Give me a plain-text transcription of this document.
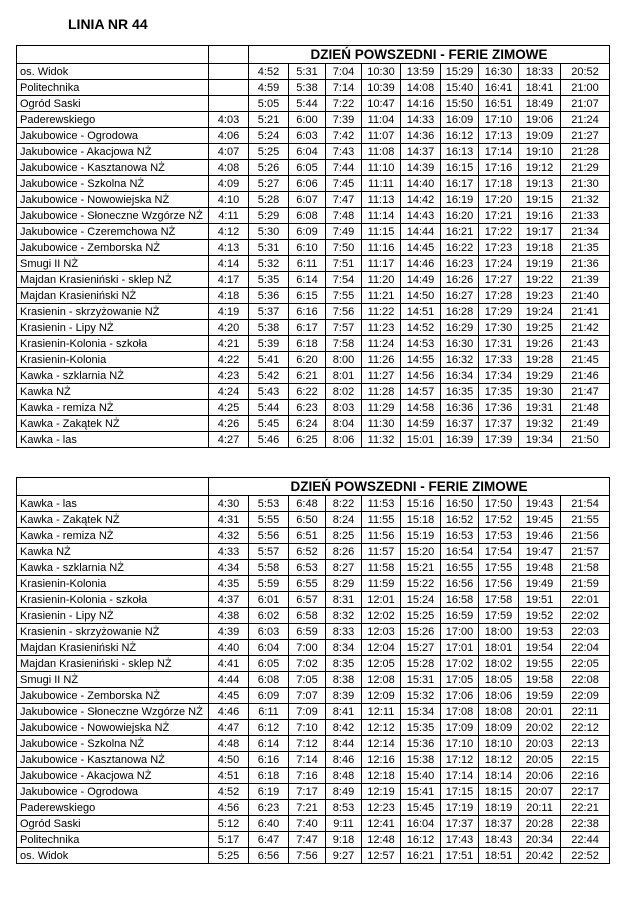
LINIA NR 44
		DZIEŃ POWSZEDNI - FERIE ZIMOWE								
os. Widok		4:52	5:31	7:04	10:30	13:59	15:29	16:30	18:33	20:52
Politechnika		4:59	5:38	7:14	10:39	14:08	15:40	16:41	18:41	21:00
Ogród Saski		5:05	5:44	7:22	10:47	14:16	15:50	16:51	18:49	21:07
Paderewskiego	4:03	5:21	6:00	7:39	11:04	14:33	16:09	17:10	19:06	21:24
Jakubowice - Ogrodowa	4:06	5:24	6:03	7:42	11:07	14:36	16:12	17:13	19:09	21:27
Jakubowice - Akacjowa NŻ	4:07	5:25	6:04	7:43	11:08	14:37	16:13	17:14	19:10	21:28
Jakubowice - Kasztanowa NŻ	4:08	5:26	6:05	7:44	11:10	14:39	16:15	17:16	19:12	21:29
Jakubowice - Szkolna NŻ	4:09	5:27	6:06	7:45	11:11	14:40	16:17	17:18	19:13	21:30
Jakubowice - Nowowiejska NŻ	4:10	5:28	6:07	7:47	11:13	14:42	16:19	17:20	19:15	21:32
Jakubowice - Słoneczne Wzgórze NŻ	4:11	5:29	6:08	7:48	11:14	14:43	16:20	17:21	19:16	21:33
Jakubowice - Czeremchowa NŻ	4:12	5:30	6:09	7:49	11:15	14:44	16:21	17:22	19:17	21:34
Jakubowice - Zemborska NŻ	4:13	5:31	6:10	7:50	11:16	14:45	16:22	17:23	19:18	21:35
Smugi II NŻ	4:14	5:32	6:11	7:51	11:17	14:46	16:23	17:24	19:19	21:36
Majdan Krasieniński - sklep NŻ	4:17	5:35	6:14	7:54	11:20	14:49	16:26	17:27	19:22	21:39
Majdan Krasieniński NŻ	4:18	5:36	6:15	7:55	11:21	14:50	16:27	17:28	19:23	21:40
Krasienin - skrzyżowanie NŻ	4:19	5:37	6:16	7:56	11:22	14:51	16:28	17:29	19:24	21:41
Krasienin - Lipy NŻ	4:20	5:38	6:17	7:57	11:23	14:52	16:29	17:30	19:25	21:42
Krasienin-Kolonia - szkoła	4:21	5:39	6:18	7:58	11:24	14:53	16:30	17:31	19:26	21:43
Krasienin-Kolonia	4:22	5:41	6:20	8:00	11:26	14:55	16:32	17:33	19:28	21:45
Kawka - szklarnia NŻ	4:23	5:42	6:21	8:01	11:27	14:56	16:34	17:34	19:29	21:46
Kawka NŻ	4:24	5:43	6:22	8:02	11:28	14:57	16:35	17:35	19:30	21:47
Kawka - remiza NŻ	4:25	5:44	6:23	8:03	11:29	14:58	16:36	17:36	19:31	21:48
Kawka - Zakątek NŻ	4:26	5:45	6:24	8:04	11:30	14:59	16:37	17:37	19:32	21:49
Kawka - las	4:27	5:46	6:25	8:06	11:32	15:01	16:39	17:39	19:34	21:50
	DZIEŃ POWSZEDNI - FERIE ZIMOWE									
Kawka - las	4:30	5:53	6:48	8:22	11:53	15:16	16:50	17:50	19:43	21:54
Kawka - Zakątek NŻ	4:31	5:55	6:50	8:24	11:55	15:18	16:52	17:52	19:45	21:55
Kawka - remiza NŻ	4:32	5:56	6:51	8:25	11:56	15:19	16:53	17:53	19:46	21:56
Kawka NŻ	4:33	5:57	6:52	8:26	11:57	15:20	16:54	17:54	19:47	21:57
Kawka - szklarnia NŻ	4:34	5:58	6:53	8:27	11:58	15:21	16:55	17:55	19:48	21:58
Krasienin-Kolonia	4:35	5:59	6:55	8:29	11:59	15:22	16:56	17:56	19:49	21:59
Krasienin-Kolonia - szkoła	4:37	6:01	6:57	8:31	12:01	15:24	16:58	17:58	19:51	22:01
Krasienin - Lipy NŻ	4:38	6:02	6:58	8:32	12:02	15:25	16:59	17:59	19:52	22:02
Krasienin - skrzyżowanie NŻ	4:39	6:03	6:59	8:33	12:03	15:26	17:00	18:00	19:53	22:03
Majdan Krasieniński NŻ	4:40	6:04	7:00	8:34	12:04	15:27	17:01	18:01	19:54	22:04
Majdan Krasieniński - sklep NŻ	4:41	6:05	7:02	8:35	12:05	15:28	17:02	18:02	19:55	22:05
Smugi II NŻ	4:44	6:08	7:05	8:38	12:08	15:31	17:05	18:05	19:58	22:08
Jakubowice - Zemborska NŻ	4:45	6:09	7:07	8:39	12:09	15:32	17:06	18:06	19:59	22:09
Jakubowice - Słoneczne Wzgórze NŻ	4:46	6:11	7:09	8:41	12:11	15:34	17:08	18:08	20:01	22:11
Jakubowice - Nowowiejska NŻ	4:47	6:12	7:10	8:42	12:12	15:35	17:09	18:09	20:02	22:12
Jakubowice - Szkolna NŻ	4:48	6:14	7:12	8:44	12:14	15:36	17:10	18:10	20:03	22:13
Jakubowice - Kasztanowa NŻ	4:50	6:16	7:14	8:46	12:16	15:38	17:12	18:12	20:05	22:15
Jakubowice - Akacjowa NŻ	4:51	6:18	7:16	8:48	12:18	15:40	17:14	18:14	20:06	22:16
Jakubowice - Ogrodowa	4:52	6:19	7:17	8:49	12:19	15:41	17:15	18:15	20:07	22:17
Paderewskiego	4:56	6:23	7:21	8:53	12:23	15:45	17:19	18:19	20:11	22:21
Ogród Saski	5:12	6:40	7:40	9:11	12:41	16:04	17:37	18:37	20:28	22:38
Politechnika	5:17	6:47	7:47	9:18	12:48	16:12	17:43	18:43	20:34	22:44
os. Widok	5:25	6:56	7:56	9:27	12:57	16:21	17:51	18:51	20:42	22:52
